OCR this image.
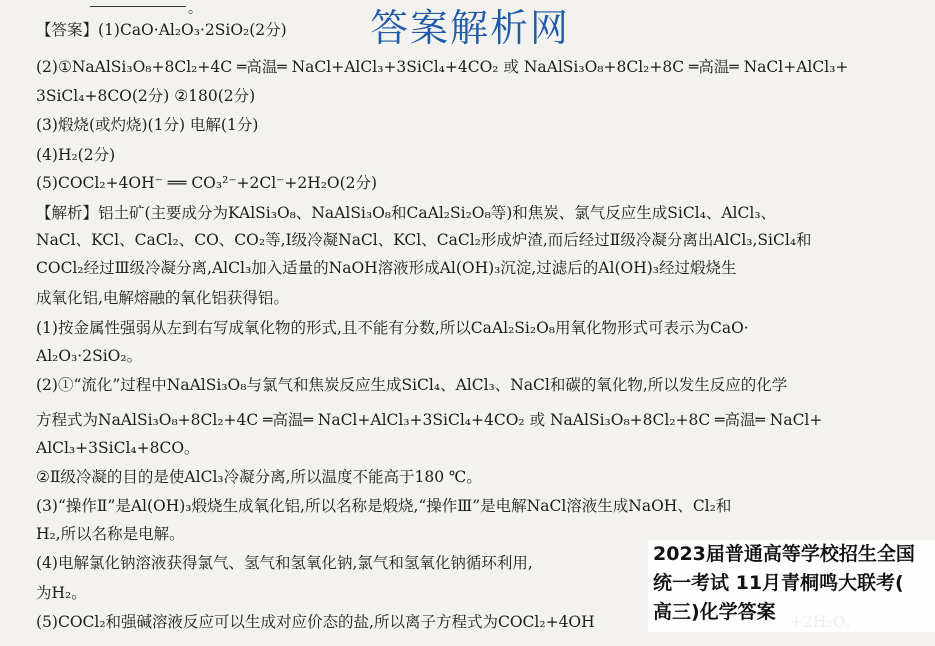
。	答案解析网
【答案】(1)CaO·Al₂O₃·2SiO₂(2分)
(2)①NaAlSi₃O₈+8Cl₂+4C ═高温═ NaCl+AlCl₃+3SiCl₄+4CO₂ 或 NaAlSi₃O₈+8Cl₂+8C ═高温═ NaCl+AlCl₃+
3SiCl₄+8CO(2分) ②180(2分)
(3)煅烧(或灼烧)(1分) 电解(1分)
(4)H₂(2分)
(5)COCl₂+4OH⁻ ══ CO₃²⁻+2Cl⁻+2H₂O(2分)
【解析】铝土矿(主要成分为KAlSi₃O₈、NaAlSi₃O₈和CaAl₂Si₂O₈等)和焦炭、氯气反应生成SiCl₄、AlCl₃、
NaCl、KCl、CaCl₂、CO、CO₂等,Ⅰ级冷凝NaCl、KCl、CaCl₂形成炉渣,而后经过Ⅱ级冷凝分离出AlCl₃,SiCl₄和
COCl₂经过Ⅲ级冷凝分离,AlCl₃加入适量的NaOH溶液形成Al(OH)₃沉淀,过滤后的Al(OH)₃经过煅烧生
成氧化铝,电解熔融的氧化铝获得铝。
(1)按金属性强弱从左到右写成氧化物的形式,且不能有分数,所以CaAl₂Si₂O₈用氧化物形式可表示为CaO·
Al₂O₃·2SiO₂。
(2)①“流化”过程中NaAlSi₃O₈与氯气和焦炭反应生成SiCl₄、AlCl₃、NaCl和碳的氧化物,所以发生反应的化学
方程式为NaAlSi₃O₈+8Cl₂+4C ═高温═ NaCl+AlCl₃+3SiCl₄+4CO₂ 或 NaAlSi₃O₈+8Cl₂+8C ═高温═ NaCl+
AlCl₃+3SiCl₄+8CO。
②Ⅱ级冷凝的目的是使AlCl₃冷凝分离,所以温度不能高于180 ℃。
(3)“操作Ⅱ”是Al(OH)₃煅烧生成氧化铝,所以名称是煅烧,“操作Ⅲ”是电解NaCl溶液生成NaOH、Cl₂和
H₂,所以名称是电解。
(4)电解氯化钠溶液获得氯气、氢气和氢氧化钠,氯气和氢氧化钠循环利用,
为H₂。
(5)COCl₂和强碱溶液反应可以生成对应价态的盐,所以离子方程式为COCl₂+4OH
2023届普通高等学校招生全国
统一考试 11月青桐鸣大联考(
高三)化学答案
